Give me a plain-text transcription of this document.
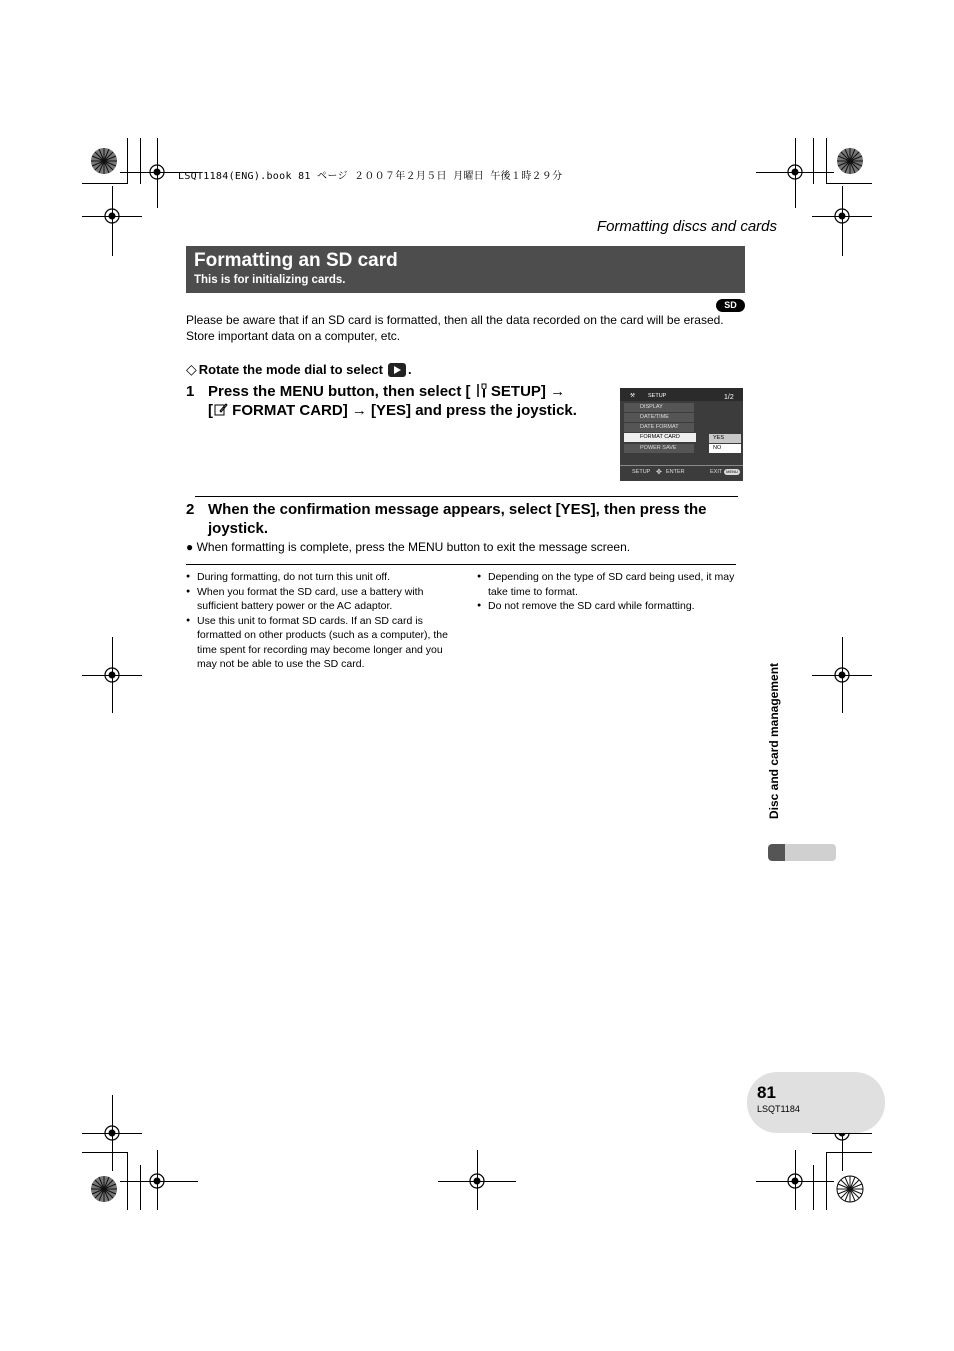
LSQT1184(ENG).book 81 ページ ２００７年２月５日 月曜日 午後１時２９分
Formatting discs and cards
Formatting an SD card
This is for initializing cards.
SD
Please be aware that if an SD card is formatted, then all the data recorded on the card will be erased. Store important data on a computer, etc.
◇ Rotate the mode dial to select .
1 Press the MENU button, then select [ SETUP] →
[ FORMAT CARD] → [YES] and press the joystick.
⚒ SETUP	1/2
DISPLAY
DATE/TIME
DATE FORMAT
FORMAT CARD
POWER SAVE
YES
NO
SETUP ✥ ENTER	EXIT MENU
2 When the confirmation message appears, select [YES], then press the joystick.
● When formatting is complete, press the MENU button to exit the message screen.
● During formatting, do not turn this unit off.
● When you format the SD card, use a battery with sufficient battery power or the AC adaptor.
● Use this unit to format SD cards. If an SD card is formatted on other products (such as a computer), the time spent for recording may become longer and you may not be able to use the SD card.
● Depending on the type of SD card being used, it may take time to format.
● Do not remove the SD card while formatting.
Disc and card management
81
LSQT1184
